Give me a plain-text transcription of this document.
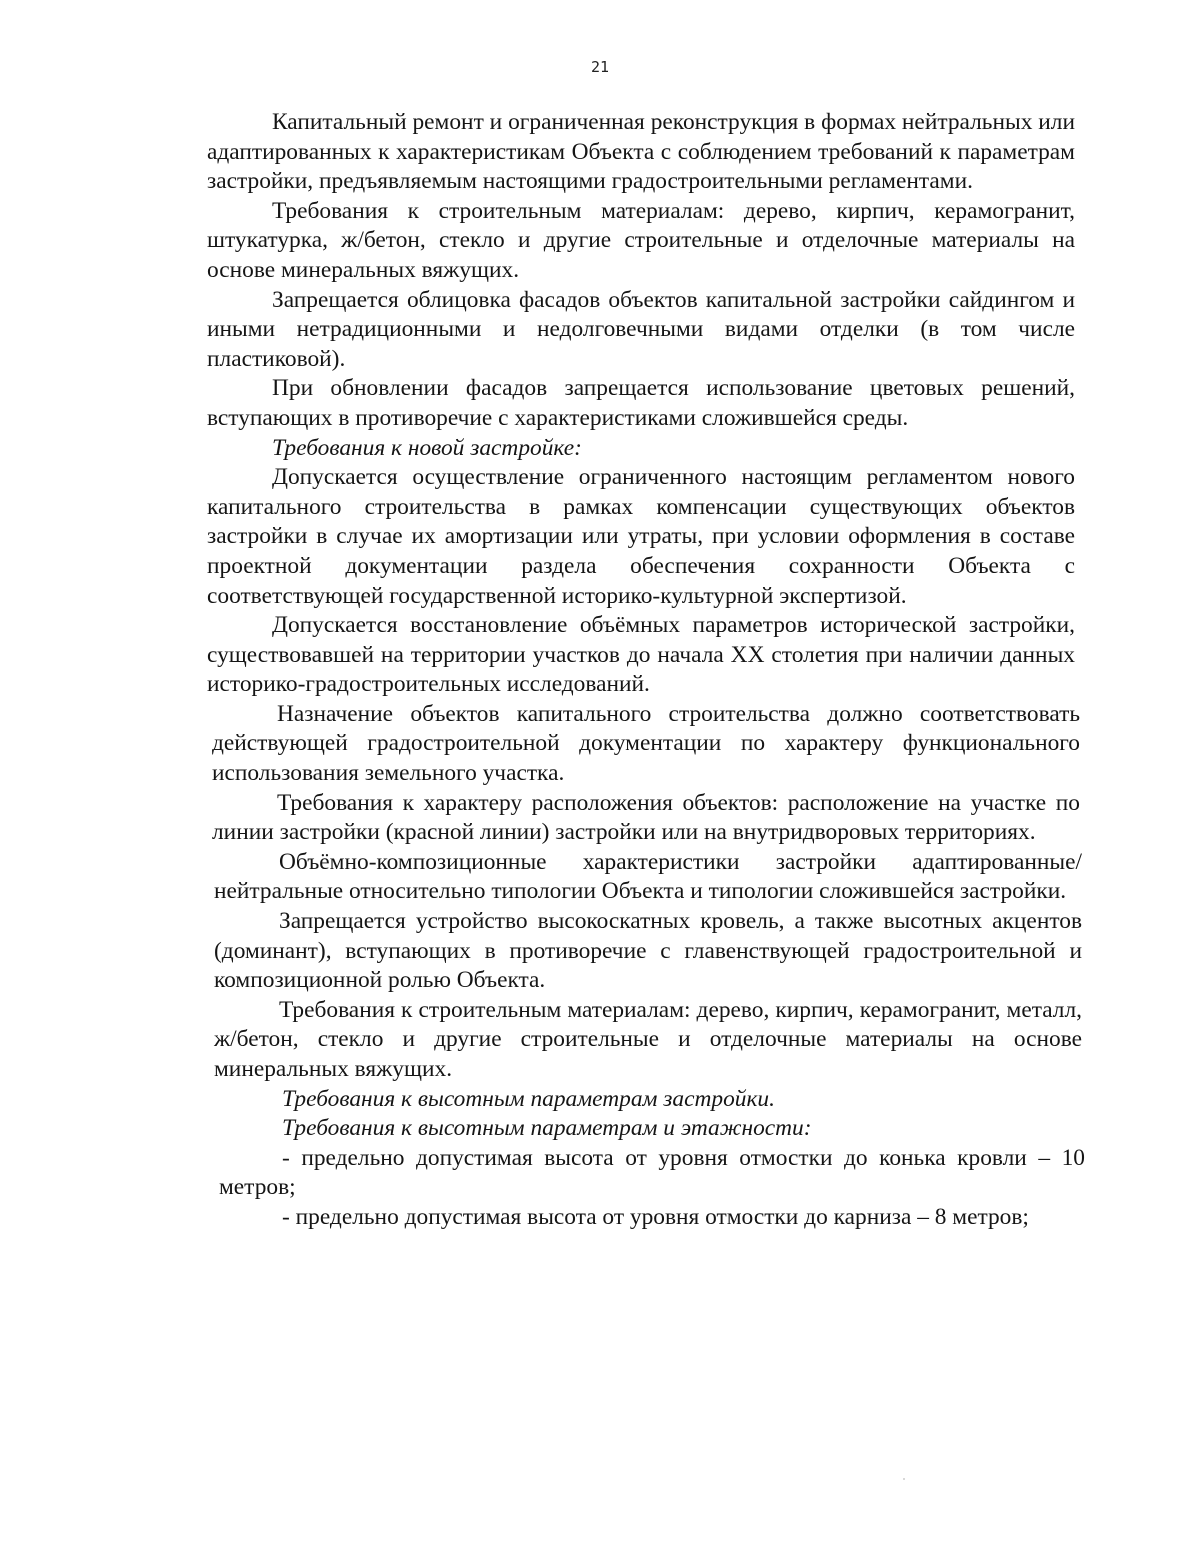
21

Капитальный ремонт и ограниченная реконструкция в формах нейтральных или адаптированных к характеристикам Объекта с соблюдением требований к параметрам застройки, предъявляемым настоящими градостроительными регламентами.

Требования к строительным материалам: дерево, кирпич, керамогранит, штукатурка, ж/бетон, стекло и другие строительные и отделочные материалы на основе минеральных вяжущих.

Запрещается облицовка фасадов объектов капитальной застройки сайдингом и иными нетрадиционными и недолговечными видами отделки (в том числе пластиковой).

При обновлении фасадов запрещается использование цветовых решений, вступающих в противоречие с характеристиками сложившейся среды.

Требования к новой застройке:

Допускается осуществление ограниченного настоящим регламентом нового капитального строительства в рамках компенсации существующих объектов застройки в случае их амортизации или утраты, при условии оформления в составе проектной документации раздела обеспечения сохранности Объекта с соответствующей государственной историко-культурной экспертизой.

Допускается восстановление объёмных параметров исторической застройки, существовавшей на территории участков до начала XX столетия при наличии данных историко-градостроительных исследований.

Назначение объектов капитального строительства должно соответствовать действующей градостроительной документации по характеру функционального использования земельного участка.

Требования к характеру расположения объектов: расположение на участке по линии застройки (красной линии) застройки или на внутридворовых территориях.

Объёмно-композиционные характеристики застройки адаптированные/ нейтральные относительно типологии Объекта и типологии сложившейся застройки.

Запрещается устройство высокоскатных кровель, а также высотных акцентов (доминант), вступающих в противоречие с главенствующей градостроительной и композиционной ролью Объекта.

Требования к строительным материалам: дерево, кирпич, керамогранит, металл, ж/бетон, стекло и другие строительные и отделочные материалы на основе минеральных вяжущих.

Требования к высотным параметрам застройки.

Требования к высотным параметрам и этажности:

- предельно допустимая высота от уровня отмостки до конька кровли – 10 метров;

- предельно допустимая высота от уровня отмостки до карниза – 8 метров;
